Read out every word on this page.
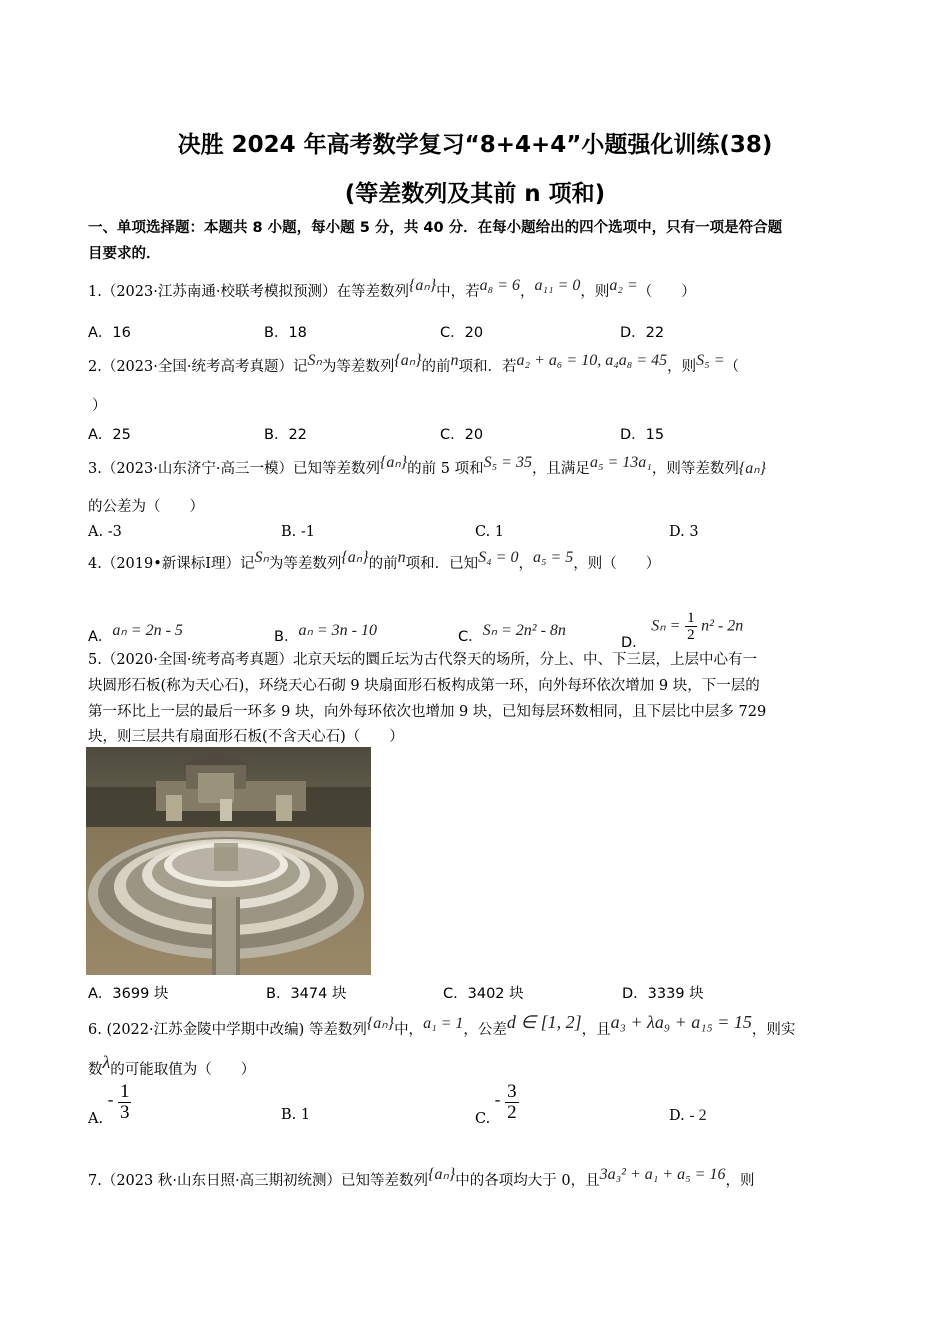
决胜 2024 年高考数学复习“8+4+4”小题强化训练(38)
(等差数列及其前 n 项和)
一、单项选择题：本题共 8 小题，每小题 5 分，共 40 分．在每小题给出的四个选项中，只有一项是符合题
目要求的．
1.（2023·江苏南通·校联考模拟预测）在等差数列{aₙ}中，若a₈ = 6，a₁₁ = 0，则a₂ =（　　）
A．16	B．18	C．20	D．22
2.（2023·全国·统考高考真题）记Sₙ为等差数列{aₙ}的前n项和．若a₂ + a₆ = 10, a₄a₈ = 45，则S₅ =（
）
A．25	B．22	C．20	D．15
3.（2023·山东济宁·高三一模）已知等差数列{aₙ}的前 5 项和S₅ = 35，且满足a₅ = 13a₁，则等差数列{aₙ}
的公差为（　　）
A. -3	B. -1	C. 1	D. 3
4.（2019•新课标Ⅰ理）记Sₙ为等差数列{aₙ}的前n项和．已知S₄ = 0，a₅ = 5，则（　　）
A．aₙ = 2n - 5	B．aₙ = 3n - 10	C．Sₙ = 2n² - 8n
D． $S_n = \frac{1}{2} n^2 - 2n$
5.（2020·全国·统考高考真题）北京天坛的圜丘坛为古代祭天的场所，分上、中、下三层，上层中心有一
块圆形石板(称为天心石)，环绕天心石砌 9 块扇面形石板构成第一环，向外每环依次增加 9 块，下一层的
第一环比上一层的最后一环多 9 块，向外每环依次也增加 9 块，已知每层环数相同，且下层比中层多 729
块，则三层共有扇面形石板(不含天心石)（　　）
A．3699 块	B．3474 块	C．3402 块	D．3339 块
6. (2022·江苏金陵中学期中改编) 等差数列{aₙ}中，a₁ = 1，公差d ∈ [1, 2]，且a₃ + λa₉ + a₁₅ = 15，则实
数λ的可能取值为（　　）
A. - $\frac{1}{3}$	B. 1	C. - $\frac{3}{2}$	D. - 2
7.（2023 秋·山东日照·高三期初统测）已知等差数列{aₙ}中的各项均大于 0，且3a₃² + a₁ + a₅ = 16，则
